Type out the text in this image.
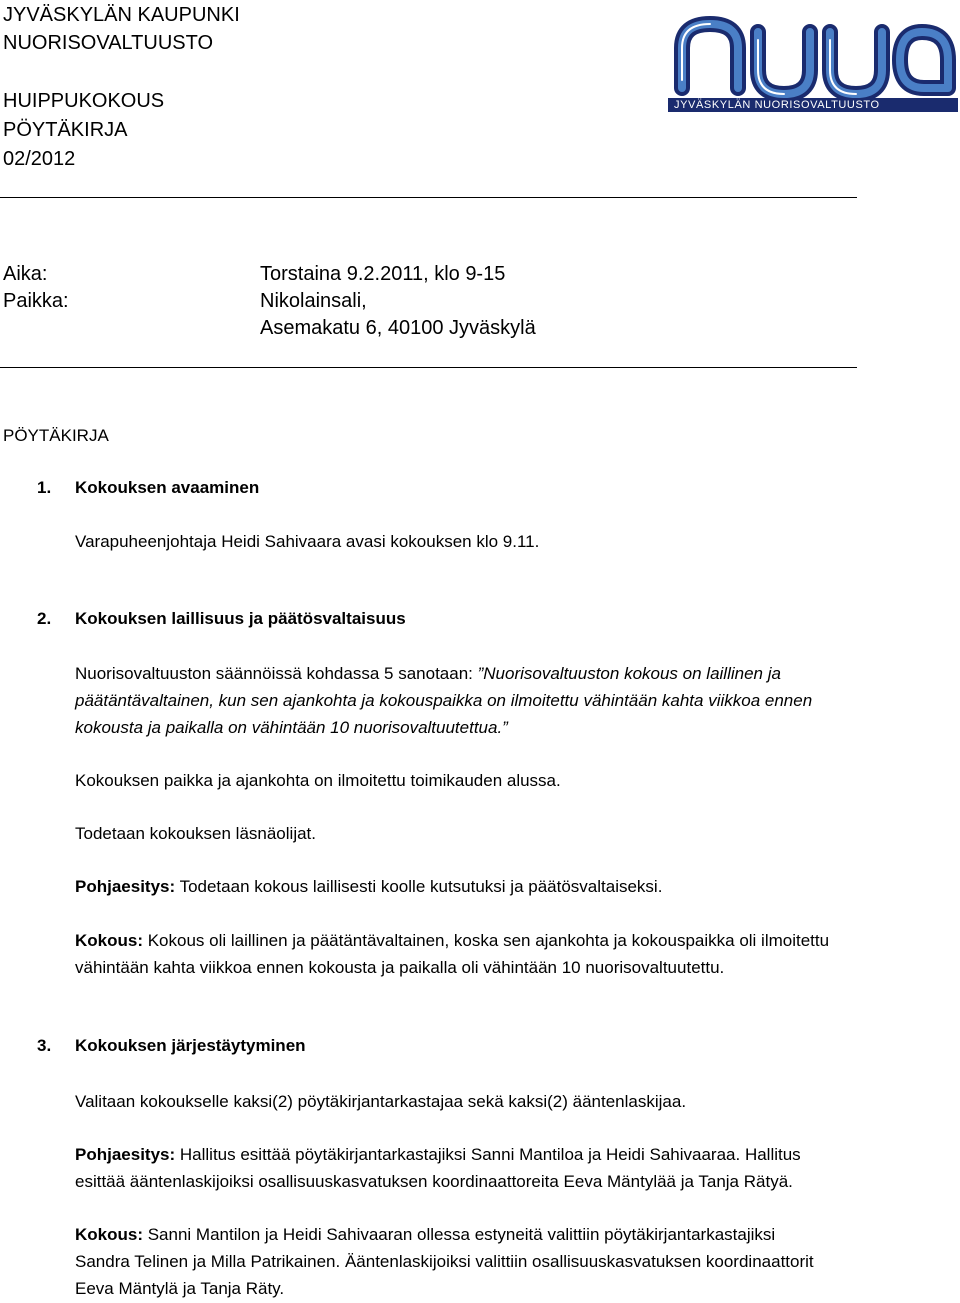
JYVÄSKYLÄN KAUPUNKI
NUORISOVALTUUSTO
HUIPPUKOKOUS
PÖYTÄKIRJA
02/2012
JYVÄSKYLÄN NUORISOVALTUUSTO
Aika:	Torstaina 9.2.2011, klo 9-15
Paikka:	Nikolainsali,
Asemakatu 6, 40100 Jyväskylä
PÖYTÄKIRJA
1. Kokouksen avaaminen
Varapuheenjohtaja Heidi Sahivaara avasi kokouksen klo 9.11.
2. Kokouksen laillisuus ja päätösvaltaisuus
Nuorisovaltuuston säännöissä kohdassa 5 sanotaan: ”Nuorisovaltuuston kokous on laillinen ja
päätäntävaltainen, kun sen ajankohta ja kokouspaikka on ilmoitettu vähintään kahta viikkoa ennen
kokousta ja paikalla on vähintään 10 nuorisovaltuutettua.”
Kokouksen paikka ja ajankohta on ilmoitettu toimikauden alussa.
Todetaan kokouksen läsnäolijat.
Pohjaesitys: Todetaan kokous laillisesti koolle kutsutuksi ja päätösvaltaiseksi.
Kokous: Kokous oli laillinen ja päätäntävaltainen, koska sen ajankohta ja kokouspaikka oli ilmoitettu
vähintään kahta viikkoa ennen kokousta ja paikalla oli vähintään 10 nuorisovaltuutettu.
3. Kokouksen järjestäytyminen
Valitaan kokoukselle kaksi(2) pöytäkirjantarkastajaa sekä kaksi(2) ääntenlaskijaa.
Pohjaesitys: Hallitus esittää pöytäkirjantarkastajiksi Sanni Mantiloa ja Heidi Sahivaaraa. Hallitus
esittää ääntenlaskijoiksi osallisuuskasvatuksen koordinaattoreita Eeva Mäntylää ja Tanja Rätyä.
Kokous: Sanni Mantilon ja Heidi Sahivaaran ollessa estyneitä valittiin pöytäkirjantarkastajiksi
Sandra Telinen ja Milla Patrikainen. Ääntenlaskijoiksi valittiin osallisuuskasvatuksen koordinaattorit
Eeva Mäntylä ja Tanja Räty.
